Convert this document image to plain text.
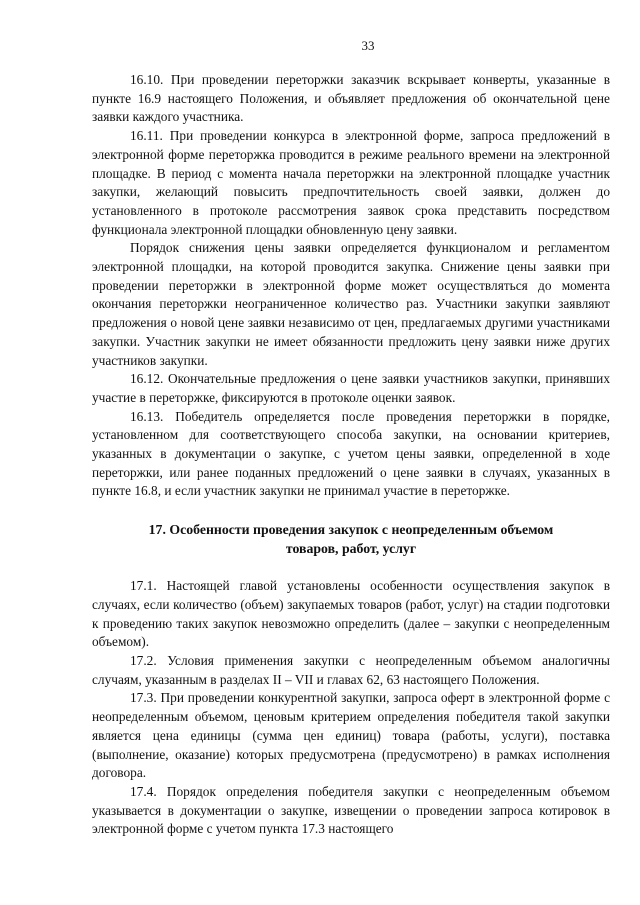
33

16.10. При проведении переторжки заказчик вскрывает конверты, указанные в пункте 16.9 настоящего Положения, и объявляет предложения об окончательной цене заявки каждого участника.

16.11. При проведении конкурса в электронной форме, запроса предложений в электронной форме переторжка проводится в режиме реального времени на электронной площадке. В период с момента начала переторжки на электронной площадке участник закупки, желающий повысить предпочтительность своей заявки, должен до установленного в протоколе рассмотрения заявок срока представить посредством функционала электронной площадки обновленную цену заявки.

Порядок снижения цены заявки определяется функционалом и регламентом электронной площадки, на которой проводится закупка. Снижение цены заявки при проведении переторжки в электронной форме может осуществляться до момента окончания переторжки неограниченное количество раз. Участники закупки заявляют предложения о новой цене заявки независимо от цен, предлагаемых другими участниками закупки. Участник закупки не имеет обязанности предложить цену заявки ниже других участников закупки.

16.12. Окончательные предложения о цене заявки участников закупки, принявших участие в переторжке, фиксируются в протоколе оценки заявок.

16.13. Победитель определяется после проведения переторжки в порядке, установленном для соответствующего способа закупки, на основании критериев, указанных в документации о закупке, с учетом цены заявки, определенной в ходе переторжки, или ранее поданных предложений о цене заявки в случаях, указанных в пункте 16.8, и если участник закупки не принимал участие в переторжке.

17. Особенности проведения закупок с неопределенным объемом
товаров, работ, услуг

17.1. Настоящей главой установлены особенности осуществления закупок в случаях, если количество (объем) закупаемых товаров (работ, услуг) на стадии подготовки к проведению таких закупок невозможно определить (далее – закупки с неопределенным объемом).

17.2. Условия применения закупки с неопределенным объемом аналогичны случаям, указанным в разделах II – VII и главах 62, 63 настоящего Положения.

17.3. При проведении конкурентной закупки, запроса оферт в электронной форме с неопределенным объемом, ценовым критерием определения победителя такой закупки является цена единицы (сумма цен единиц) товара (работы, услуги), поставка (выполнение, оказание) которых предусмотрена (предусмотрено) в рамках исполнения договора.

17.4. Порядок определения победителя закупки с неопределенным объемом указывается в документации о закупке, извещении о проведении запроса котировок в электронной форме с учетом пункта 17.3 настоящего
